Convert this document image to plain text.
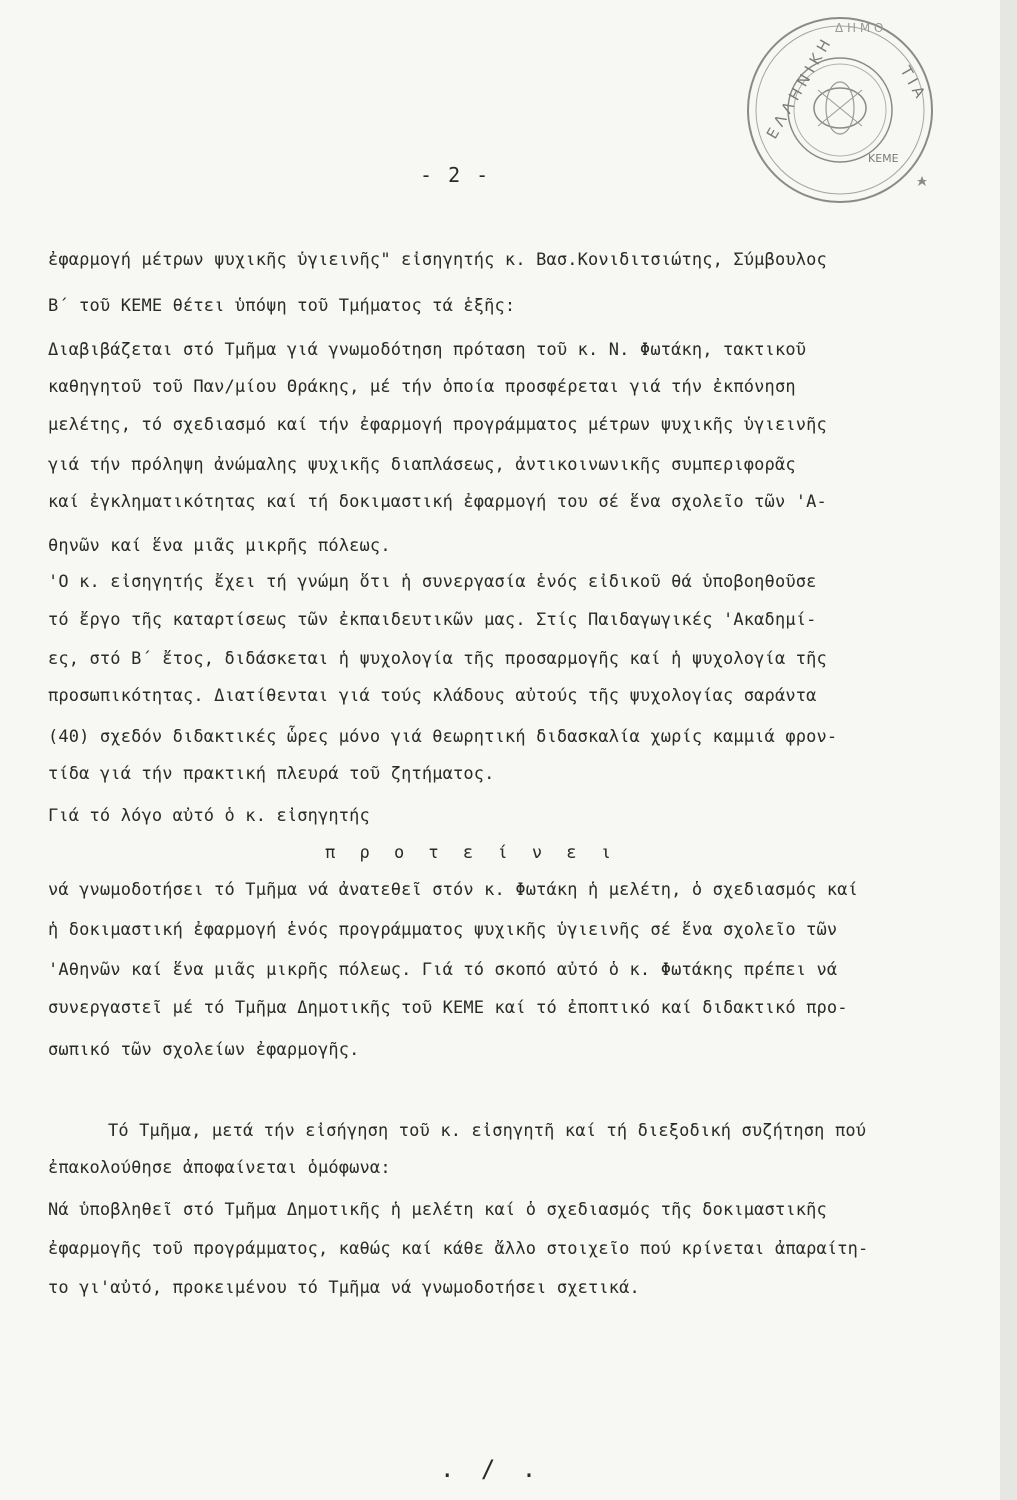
Ε Λ Λ Η Ν Ι Κ Η
Δ Η Μ Ο
Τ Ι Α
ΚΕΜΕ
- 2 -
ἐφαρμογή μέτρων ψυχικῆς ὑγιεινῆς" εἰσηγητής κ. Βασ.Κονιδιτσιώτης, Σύμβουλος
Β΄ τοῦ ΚΕΜΕ θέτει ὑπόψη τοῦ Τμήματος τά ἑξῆς:
Διαβιβάζεται στό Τμῆμα γιά γνωμοδότηση πρόταση τοῦ κ. Ν. Φωτάκη, τακτικοῦ
καθηγητοῦ τοῦ Παν/μίου Θράκης, μέ τήν ὁποία προσφέρεται γιά τήν ἐκπόνηση
μελέτης, τό σχεδιασμό καί τήν ἐφαρμογή προγράμματος μέτρων ψυχικῆς ὑγιεινῆς
γιά τήν πρόληψη ἀνώμαλης ψυχικῆς διαπλάσεως, ἀντικοινωνικῆς συμπεριφορᾶς
καί ἐγκληματικότητας καί τή δοκιμαστική ἐφαρμογή του σέ ἕνα σχολεῖο τῶν 'Α-
θηνῶν καί ἕνα μιᾶς μικρῆς πόλεως.
'Ο κ. εἰσηγητής ἔχει τή γνώμη ὅτι ἡ συνεργασία ἑνός εἰδικοῦ θά ὑποβοηθοῦσε
τό ἔργο τῆς καταρτίσεως τῶν ἐκπαιδευτικῶν μας. Στίς Παιδαγωγικές 'Ακαδημί-
ες, στό Β΄ ἔτος, διδάσκεται ἡ ψυχολογία τῆς προσαρμογῆς καί ἡ ψυχολογία τῆς
προσωπικότητας. Διατίθενται γιά τούς κλάδους αὐτούς τῆς ψυχολογίας σαράντα
(40) σχεδόν διδακτικές ὧρες μόνο γιά θεωρητική διδασκαλία χωρίς καμμιά φρον-
τίδα γιά τήν πρακτική πλευρά τοῦ ζητήματος.
Γιά τό λόγο αὐτό ὁ κ. εἰσηγητής
π ρ ο τ ε ί ν ε ι
νά γνωμοδοτήσει τό Τμῆμα νά ἀνατεθεῖ στόν κ. Φωτάκη ἡ μελέτη, ὁ σχεδιασμός καί
ἡ δοκιμαστική ἐφαρμογή ἑνός προγράμματος ψυχικῆς ὑγιεινῆς σέ ἕνα σχολεῖο τῶν
'Αθηνῶν καί ἕνα μιᾶς μικρῆς πόλεως. Γιά τό σκοπό αὐτό ὁ κ. Φωτάκης πρέπει νά
συνεργαστεῖ μέ τό Τμῆμα Δημοτικῆς τοῦ ΚΕΜΕ καί τό ἐποπτικό καί διδακτικό προ-
σωπικό τῶν σχολείων ἐφαρμογῆς.
Τό Τμῆμα, μετά τήν εἰσήγηση τοῦ κ. εἰσηγητῆ καί τή διεξοδική συζήτηση πού
ἐπακολούθησε ἀποφαίνεται ὁμόφωνα:
Νά ὑποβληθεῖ στό Τμῆμα Δημοτικῆς ἡ μελέτη καί ὁ σχεδιασμός τῆς δοκιμαστικῆς
ἐφαρμογῆς τοῦ προγράμματος, καθώς καί κάθε ἄλλο στοιχεῖο πού κρίνεται ἀπαραίτη-
το γι'αὐτό, προκειμένου τό Τμῆμα νά γνωμοδοτήσει σχετικά.
. / .
